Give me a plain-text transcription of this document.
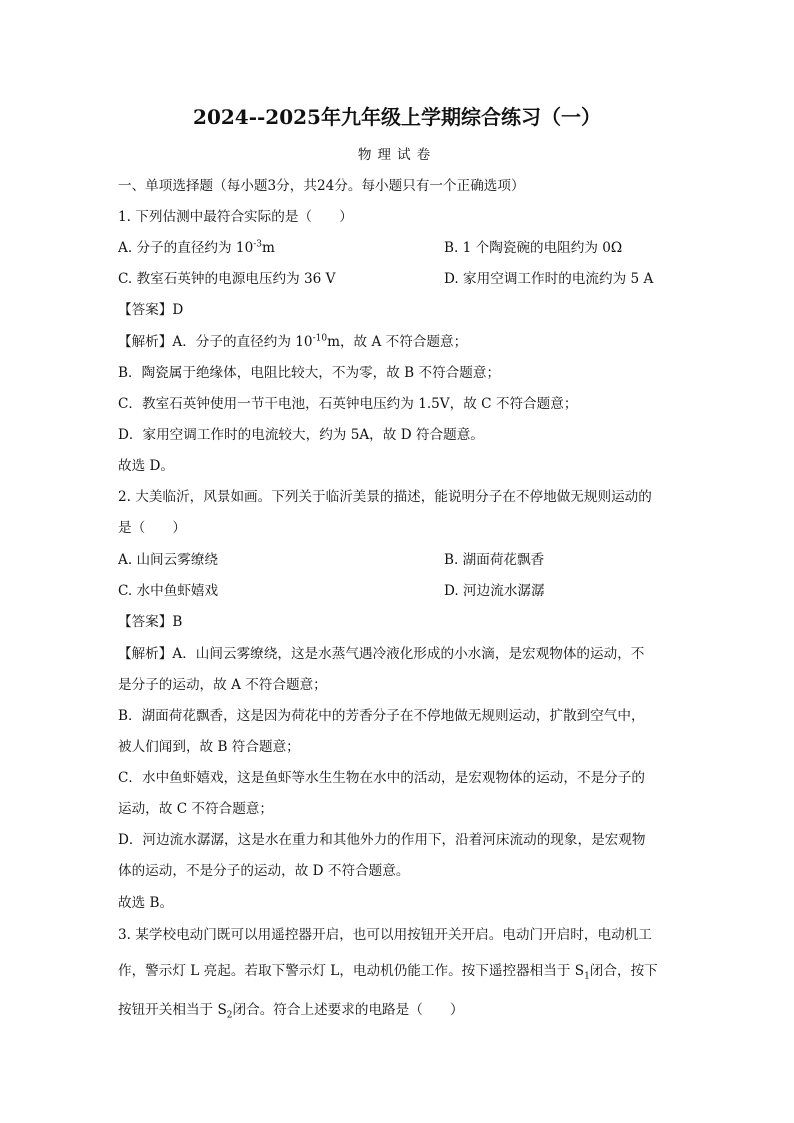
2024--2025年九年级上学期综合练习（一）
物理试卷
一、单项选择题（每小题3分，共24分。每小题只有一个正确选项）
1. 下列估测中最符合实际的是（　　）
A. 分子的直径约为 $10^{-3}m$	B. 1 个陶瓷碗的电阻约为 0Ω
C. 教室石英钟的电源电压约为 36 V	D. 家用空调工作时的电流约为 5 A
【答案】D
【解析】A．分子的直径约为 $10^{-10}m$，故 A 不符合题意；
B．陶瓷属于绝缘体，电阻比较大，不为零，故 B 不符合题意；
C．教室石英钟使用一节干电池，石英钟电压约为 1.5V，故 C 不符合题意；
D．家用空调工作时的电流较大，约为 5A，故 D 符合题意。
故选 D。
2. 大美临沂，风景如画。下列关于临沂美景的描述，能说明分子在不停地做无规则运动的
是（　　）
A. 山间云雾缭绕	B. 湖面荷花飘香
C. 水中鱼虾嬉戏	D. 河边流水潺潺
【答案】B
【解析】A．山间云雾缭绕，这是水蒸气遇冷液化形成的小水滴，是宏观物体的运动，不
是分子的运动，故 A 不符合题意；
B．湖面荷花飘香，这是因为荷花中的芳香分子在不停地做无规则运动，扩散到空气中，
被人们闻到，故 B 符合题意；
C．水中鱼虾嬉戏，这是鱼虾等水生生物在水中的活动，是宏观物体的运动，不是分子的
运动，故 C 不符合题意；
D．河边流水潺潺，这是水在重力和其他外力的作用下，沿着河床流动的现象，是宏观物
体的运动，不是分子的运动，故 D 不符合题意。
故选 B。
3. 某学校电动门既可以用遥控器开启，也可以用按钮开关开启。电动门开启时，电动机工
作，警示灯 L 亮起。若取下警示灯 L，电动机仍能工作。按下遥控器相当于 $S_1$闭合，按下
按钮开关相当于 $S_2$闭合。符合上述要求的电路是（　　）
